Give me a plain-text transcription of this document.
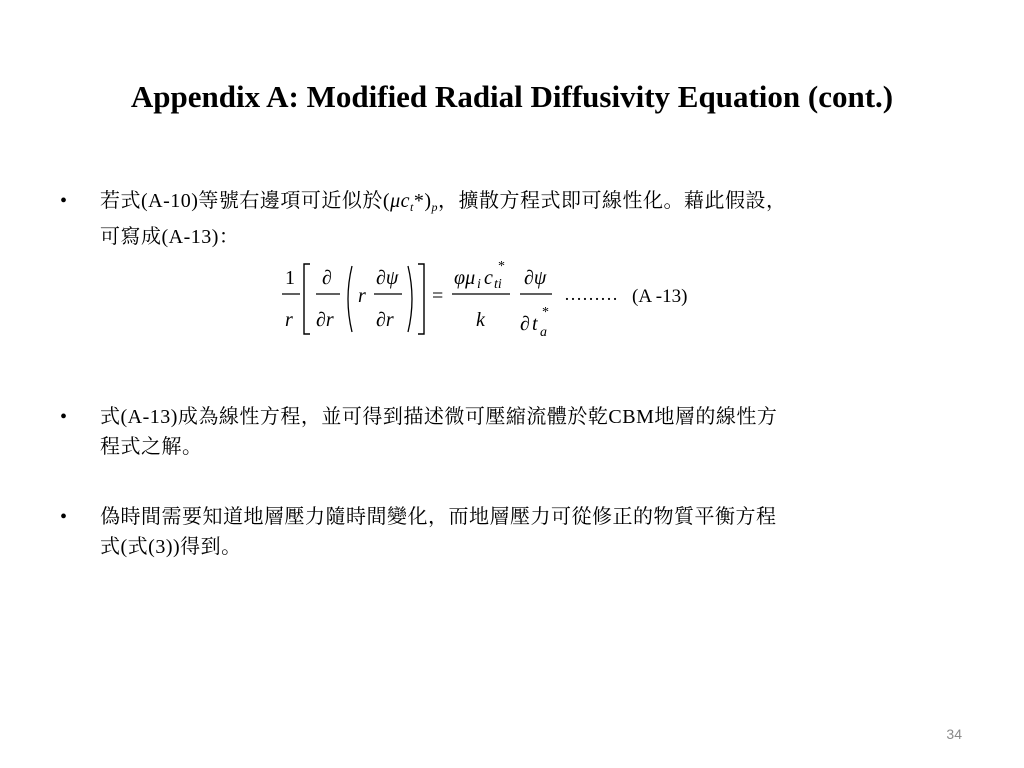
Appendix A: Modified Radial Diffusivity Equation (cont.)
•	若式(A-10)等號右邊項可近似於$(\mu c_t*)_p$，擴散方程式即可線性化。藉此假設，
可寫成(A-13)：
1
r
∂
∂r
r
∂ψ
∂r
=
φμ i c ti
*
k
∂ψ
∂ t a
*
……… (A -13)
•	式(A-13)成為線性方程，並可得到描述微可壓縮流體於乾CBM地層的線性方
程式之解。
•	偽時間需要知道地層壓力隨時間變化，而地層壓力可從修正的物質平衡方程
式(式(3))得到。
34
